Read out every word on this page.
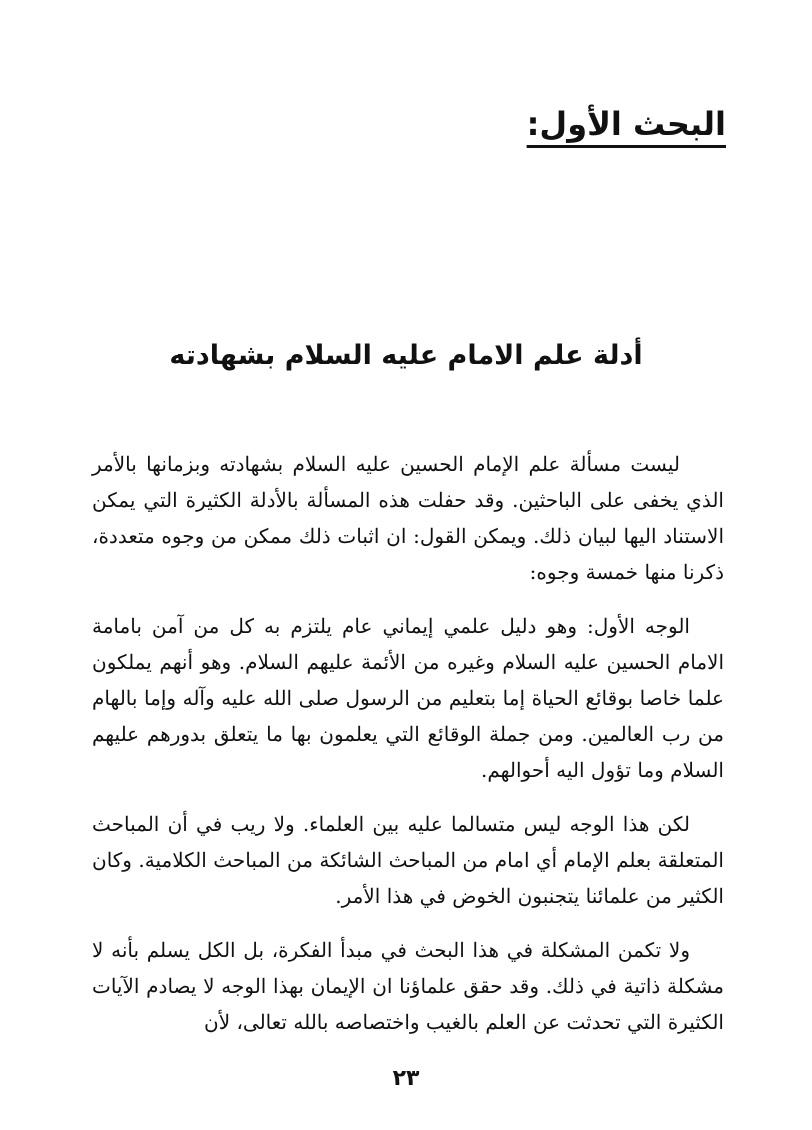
البحث الأول:
أدلة علم الامام عليه السلام بشهادته

ليست مسألة علم الإمام الحسين عليه السلام بشهادته وبزمانها بالأمر الذي يخفى على الباحثين. وقد حفلت هذه المسألة بالأدلة الكثيرة التي يمكن الاستناد اليها لبيان ذلك. ويمكن القول: ان اثبات ذلك ممكن من وجوه متعددة، ذكرنا منها خمسة وجوه:

الوجه الأول: وهو دليل علمي إيماني عام يلتزم به كل من آمن بامامة الامام الحسين عليه السلام وغيره من الأئمة عليهم السلام. وهو أنهم يملكون علما خاصا بوقائع الحياة إما بتعليم من الرسول صلى الله عليه وآله وإما بالهام من رب العالمين. ومن جملة الوقائع التي يعلمون بها ما يتعلق بدورهم عليهم السلام وما تؤول اليه أحوالهم.

لكن هذا الوجه ليس متسالما عليه بين العلماء. ولا ريب في أن المباحث المتعلقة بعلم الإمام أي امام من المباحث الشائكة من المباحث الكلامية. وكان الكثير من علمائنا يتجنبون الخوض في هذا الأمر.

ولا تكمن المشكلة في هذا البحث في مبدأ الفكرة، بل الكل يسلم بأنه لا مشكلة ذاتية في ذلك. وقد حقق علماؤنا ان الإيمان بهذا الوجه لا يصادم الآيات الكثيرة التي تحدثت عن العلم بالغيب واختصاصه بالله تعالى، لأن

٢٣
